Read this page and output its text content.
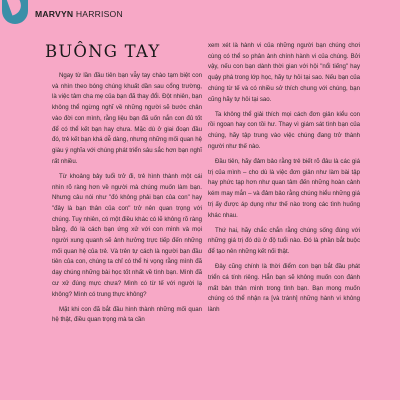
MARVYN HARRISON
BUÔNG TAY

Ngay từ lần đầu tiên bạn vẫy tay chào tạm biệt con và nhìn theo bóng chúng khuất dần sau cổng trường, là việc tâm cha mẹ của bạn đã thay đổi. Đột nhiên, bạn không thể ngừng nghĩ về những người sẽ bước chân vào đời con mình, rằng liệu bạn đã uốn nắn con đủ tốt để có thể kết bạn hay chưa. Mặc dù ở giai đoạn đầu đó, trẻ kết bạn khá dễ dàng, nhưng những mối quan hệ giàu ý nghĩa với chúng phát triển sâu sắc hơn bạn nghĩ rất nhiều.

Từ khoảng bảy tuổi trở đi, trẻ hình thành một cái nhìn rõ ràng hơn về người mà chúng muốn làm bạn. Nhưng câu nói như "đó không phải bạn của con" hay "đây là bạn thân của con" trở nên quan trọng với chúng. Tuy nhiên, có một điều khác có lẽ không rõ ràng bằng, đó là cách bạn ứng xử với con mình và mọi người xung quanh sẽ ảnh hưởng trực tiếp đến những mối quan hệ của trẻ. Và trên tự cách là người bạn đầu tiên của con, chúng ta chỉ có thể hi vọng rằng mình đã dạy chúng những bài học tốt nhất về tình bạn. Mình đã cư xử đúng mực chưa? Mình có từ tế với người lạ không? Mình có trung thực không?

Mặt khi con đã bắt đầu hình thành những mối quan hệ thật, điều quan trọng mà ta cần

xem xét là hành vi của những người bạn chúng chơi cùng có thể so phân ảnh chính hành vi của chúng. Bởi vậy, nếu con bạn dành thời gian với hội "nổi tiếng" hay quậy phá trong lớp học, hãy tự hỏi tại sao. Nếu bạn của chúng từ tế và có nhiều sở thích chung với chúng, bạn cũng hãy tự hỏi tại sao.

Ta không thể giải thích mọi cách đơn giản kiểu con rồi ngoan hay con tồi hư. Thay vì giám sát tình bạn của chúng, hãy tập trung vào việc chúng đang trở thành người như thế nào.

Đầu tiên, hãy đảm bảo rằng trẻ biết rõ đâu là các giá trị của mình – cho dù là việc đơn giản như làm bài tập hay phức tạp hơn như quan tâm đến những hoàn cảnh kém may mắn – và đảm bảo rằng chúng hiểu những giá trị ấy được áp dụng như thế nào trong các tình huống khác nhau.

Thứ hai, hãy chắc chắn rằng chúng sống đúng với những giá trị đó dù ở độ tuổi nào. Đó là phần bắt buộc để tạo nên những kết nối thật.

Đây cũng chính là thời điểm con bạn bắt đầu phát triển cá tính riêng. Hẳn bạn sẽ không muốn con đánh mất bản thân mình trong tình bạn. Bạn mong muốn chúng có thể nhận ra [và tránh] những hành vi không lành
